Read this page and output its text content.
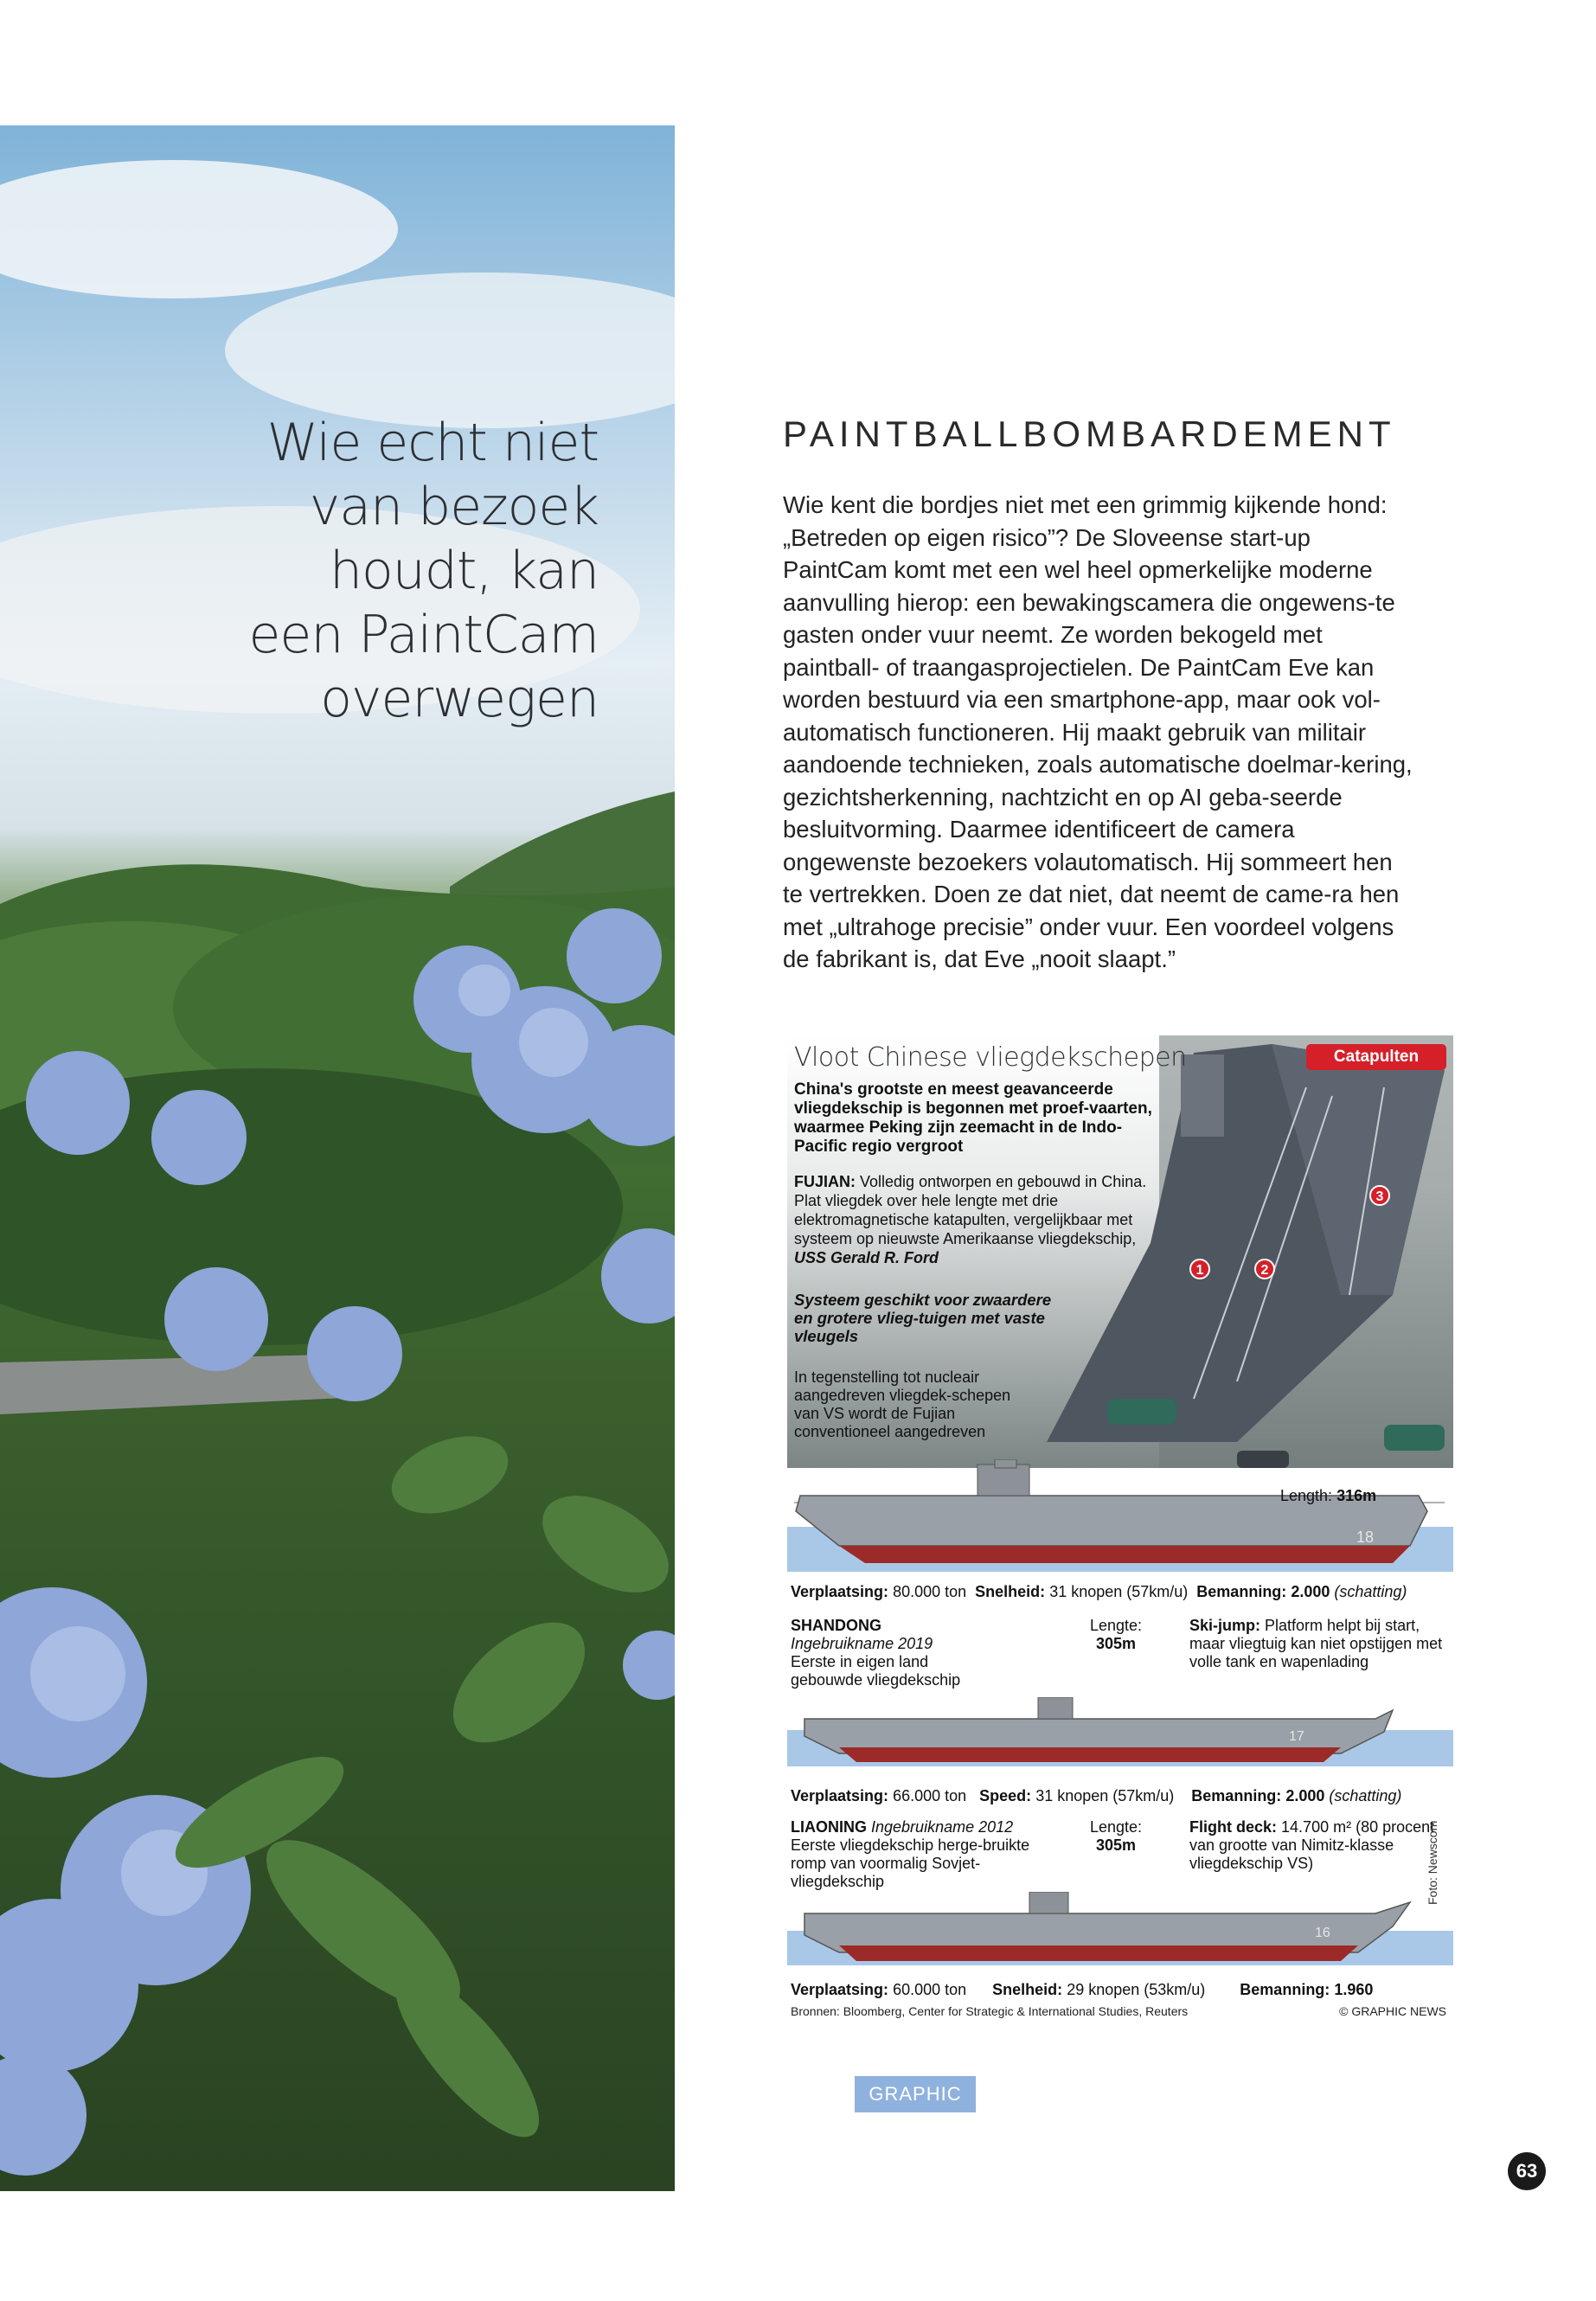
Wie echt niet
van bezoek
houdt, kan
een PaintCam
overwegen
PAINTBALLBOMBARDEMENT

Wie kent die bordjes niet met een grimmig kijkende hond: „Betreden op eigen risico”? De Sloveense start-up PaintCam komt met een wel heel opmerkelijke moderne aanvulling hierop: een bewakingscamera die ongewens-te gasten onder vuur neemt. Ze worden bekogeld met paintball- of traangasprojectielen. De PaintCam Eve kan worden bestuurd via een smartphone-app, maar ook vol-automatisch functioneren. Hij maakt gebruik van militair aandoende technieken, zoals automatische doelmar-kering, gezichtsherkenning, nachtzicht en op AI geba-seerde besluitvorming. Daarmee identificeert de camera ongewenste bezoekers volautomatisch. Hij sommeert hen te vertrekken. Doen ze dat niet, dat neemt de came-ra hen met „ultrahoge precisie” onder vuur. Een voordeel volgens de fabrikant is, dat Eve „nooit slaapt.”

Vloot Chinese vliegdekschepen
China's grootste en meest geavanceerde vliegdekschip is begonnen met proef-vaarten, waarmee Peking zijn zeemacht in de Indo-Pacific regio vergroot
FUJIAN: Volledig ontworpen en gebouwd in China. Plat vliegdek over hele lengte met drie elektromagnetische katapulten, vergelijkbaar met systeem op nieuwste Amerikaanse vliegdekschip, USS Gerald R. Ford
Systeem geschikt voor zwaardere en grotere vlieg-tuigen met vaste vleugels
In tegenstelling tot nucleair aangedreven vliegdek-schepen van VS wordt de Fujian conventioneel aangedreven
Catapulten
1	2
3
18
Length: 316m
Verplaatsing: 80.000 ton Snelheid: 31 knopen (57km/u) Bemanning: 2.000 (schatting)
SHANDONG
Ingebruikname 2019
Eerste in eigen land gebouwde vliegdekschip
Lengte:
305m
Ski-jump: Platform helpt bij start, maar vliegtuig kan niet opstijgen met volle tank en wapenlading
17
Verplaatsing: 66.000 ton Speed: 31 knopen (57km/u) Bemanning: 2.000 (schatting)
LIAONING Ingebruikname 2012
Eerste vliegdekschip herge-bruikte romp van voormalig Sovjet-vliegdekschip
Lengte:
305m
Flight deck: 14.700 m² (80 procent van grootte van Nimitz-klasse vliegdekschip VS)
16
Foto: Newscom
Verplaatsing: 60.000 ton Snelheid: 29 knopen (53km/u) Bemanning: 1.960
Bronnen: Bloomberg, Center for Strategic & International Studies, Reuters	© GRAPHIC NEWS
GRAPHIC
63
